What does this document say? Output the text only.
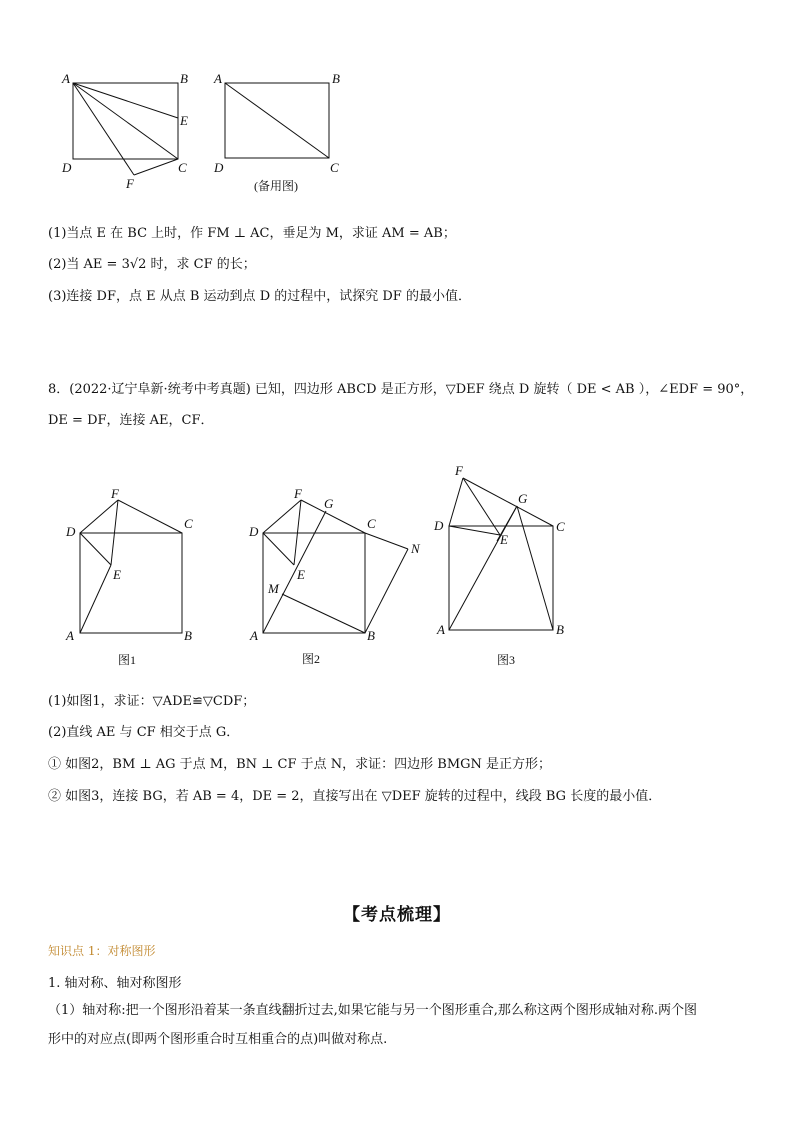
A	B
E
D	C
F
A	B
D	C
(备用图)
(1)当点 E 在 BC 上时，作 FM ⊥ AC，垂足为 M，求证 AM = AB；
(2)当 AE = 3√2 时，求 CF 的长；
(3)连接 DF，点 E 从点 B 运动到点 D 的过程中，试探究 DF 的最小值．
8．(2022·辽宁阜新·统考中考真题) 已知，四边形 ABCD 是正方形，▽DEF 绕点 D 旋转（ DE < AB ），∠EDF = 90°，
DE = DF，连接 AE，CF．
F
D
C
E
A	B
图1
F
G
D
C
N
E
M
A	B
图2
F
G
D	C
E
A	B
图3
(1)如图1，求证：▽ADE≌▽CDF；
(2)直线 AE 与 CF 相交于点 G．
① 如图2，BM ⊥ AG 于点 M，BN ⊥ CF 于点 N，求证：四边形 BMGN 是正方形；
② 如图3，连接 BG，若 AB = 4，DE = 2，直接写出在 ▽DEF 旋转的过程中，线段 BG 长度的最小值．
【考点梳理】
知识点 1：对称图形
1. 轴对称、轴对称图形
（1）轴对称:把一个图形沿着某一条直线翻折过去,如果它能与另一个图形重合,那么称这两个图形成轴对称.两个图
形中的对应点(即两个图形重合时互相重合的点)叫做对称点.
